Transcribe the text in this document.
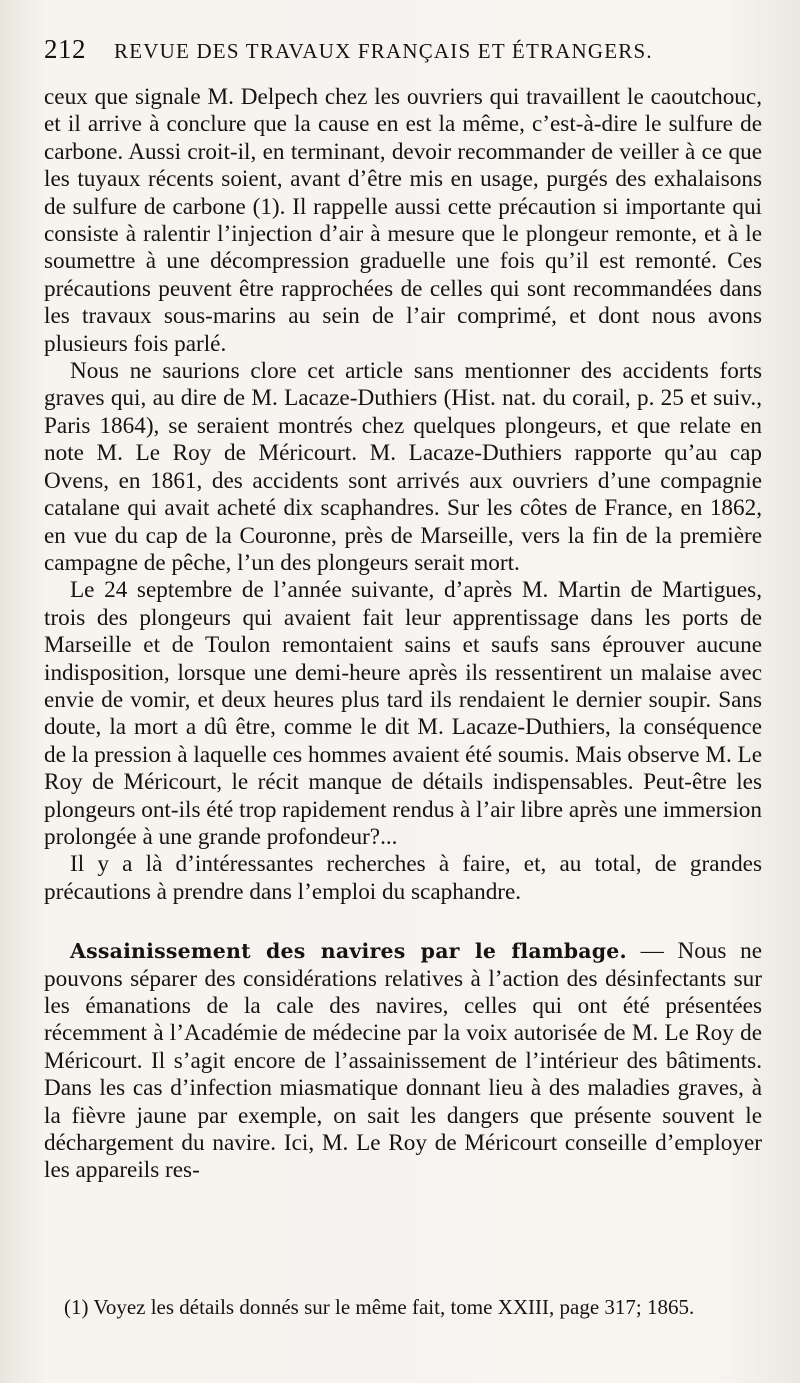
212 REVUE DES TRAVAUX FRANÇAIS ET ÉTRANGERS.

ceux que signale M. Delpech chez les ouvriers qui travaillent le caoutchouc, et il arrive à conclure que la cause en est la même, c’est-à-dire le sulfure de carbone. Aussi croit-il, en terminant, devoir recommander de veiller à ce que les tuyaux récents soient, avant d’être mis en usage, purgés des exhalaisons de sulfure de carbone (1). Il rappelle aussi cette précaution si importante qui consiste à ralentir l’injection d’air à mesure que le plongeur remonte, et à le soumettre à une décompression graduelle une fois qu’il est remonté. Ces précautions peuvent être rapprochées de celles qui sont recommandées dans les travaux sous-marins au sein de l’air comprimé, et dont nous avons plusieurs fois parlé.

Nous ne saurions clore cet article sans mentionner des accidents forts graves qui, au dire de M. Lacaze-Duthiers (Hist. nat. du corail, p. 25 et suiv., Paris 1864), se seraient montrés chez quelques plongeurs, et que relate en note M. Le Roy de Méricourt. M. Lacaze-Duthiers rapporte qu’au cap Ovens, en 1861, des accidents sont arrivés aux ouvriers d’une compagnie catalane qui avait acheté dix scaphandres. Sur les côtes de France, en 1862, en vue du cap de la Couronne, près de Marseille, vers la fin de la première campagne de pêche, l’un des plongeurs serait mort.

Le 24 septembre de l’année suivante, d’après M. Martin de Martigues, trois des plongeurs qui avaient fait leur apprentissage dans les ports de Marseille et de Toulon remontaient sains et saufs sans éprouver aucune indisposition, lorsque une demi-heure après ils ressentirent un malaise avec envie de vomir, et deux heures plus tard ils rendaient le dernier soupir. Sans doute, la mort a dû être, comme le dit M. Lacaze-Duthiers, la conséquence de la pression à laquelle ces hommes avaient été soumis. Mais observe M. Le Roy de Méricourt, le récit manque de détails indispensables. Peut-être les plongeurs ont-ils été trop rapidement rendus à l’air libre après une immersion prolongée à une grande profondeur?...

Il y a là d’intéressantes recherches à faire, et, au total, de grandes précautions à prendre dans l’emploi du scaphandre.

Assainissement des navires par le flambage. — Nous ne pouvons séparer des considérations relatives à l’action des désinfectants sur les émanations de la cale des navires, celles qui ont été présentées récemment à l’Académie de médecine par la voix autorisée de M. Le Roy de Méricourt. Il s’agit encore de l’assainissement de l’intérieur des bâtiments. Dans les cas d’infection miasmatique donnant lieu à des maladies graves, à la fièvre jaune par exemple, on sait les dangers que présente souvent le déchargement du navire. Ici, M. Le Roy de Méricourt conseille d’employer les appareils res-

(1) Voyez les détails donnés sur le même fait, tome XXIII, page 317; 1865.
